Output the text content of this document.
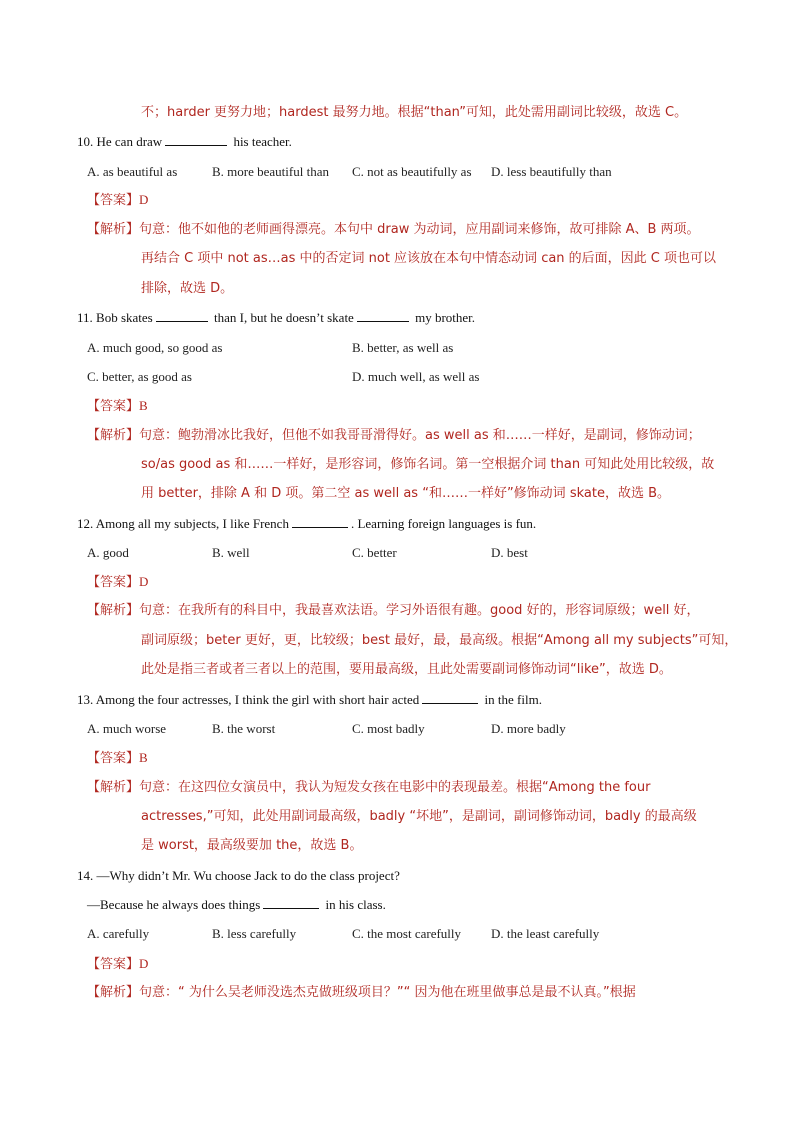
不；harder 更努力地；hardest 最努力地。根据“than”可知，此处需用副词比较级，故选 C。
10. He can draw	his teacher.
A. as beautiful as	B. more beautiful than C. not as beautifully as D. less beautifully than
【答案】D
【解析】句意：他不如他的老师画得漂亮。本句中 draw 为动词，应用副词来修饰，故可排除 A、B 两项。
再结合 C 项中 not as…as 中的否定词 not 应该放在本句中情态动词 can 的后面，因此 C 项也可以
排除，故选 D。
11. Bob skates	than I, but he doesn’t skate	my brother.
A. much good, so good as	B. better, as well as
C. better, as good as	D. much well, as well as
【答案】B
【解析】句意：鲍勃滑冰比我好，但他不如我哥哥滑得好。as well as 和……一样好，是副词，修饰动词；
so/as good as 和……一样好，是形容词，修饰名词。第一空根据介词 than 可知此处用比较级，故
用 better，排除 A 和 D 项。第二空 as well as “和……一样好”修饰动词 skate，故选 B。
12. Among all my subjects, I like French	. Learning foreign languages is fun.
A. good	B. well	C. better	D. best
【答案】D
【解析】句意：在我所有的科目中，我最喜欢法语。学习外语很有趣。good 好的，形容词原级；well 好，
副词原级；beter 更好，更，比较级；best 最好，最，最高级。根据“Among all my subjects”可知，
此处是指三者或者三者以上的范围，要用最高级，且此处需要副词修饰动词“like”，故选 D。
13. Among the four actresses, I think the girl with short hair acted	in the film.
A. much worse	B. the worst	C. most badly	D. more badly
【答案】B
【解析】句意：在这四位女演员中，我认为短发女孩在电影中的表现最差。根据“Among the four
actresses,”可知，此处用副词最高级，badly “坏地”，是副词，副词修饰动词，badly 的最高级
是 worst，最高级要加 the，故选 B。
14. —Why didn’t Mr. Wu choose Jack to do the class project?
—Because he always does things	in his class.
A. carefully	B. less carefully	C. the most carefully D. the least carefully
【答案】D
【解析】句意：“ 为什么吴老师没选杰克做班级项目？”“ 因为他在班里做事总是最不认真。”根据
